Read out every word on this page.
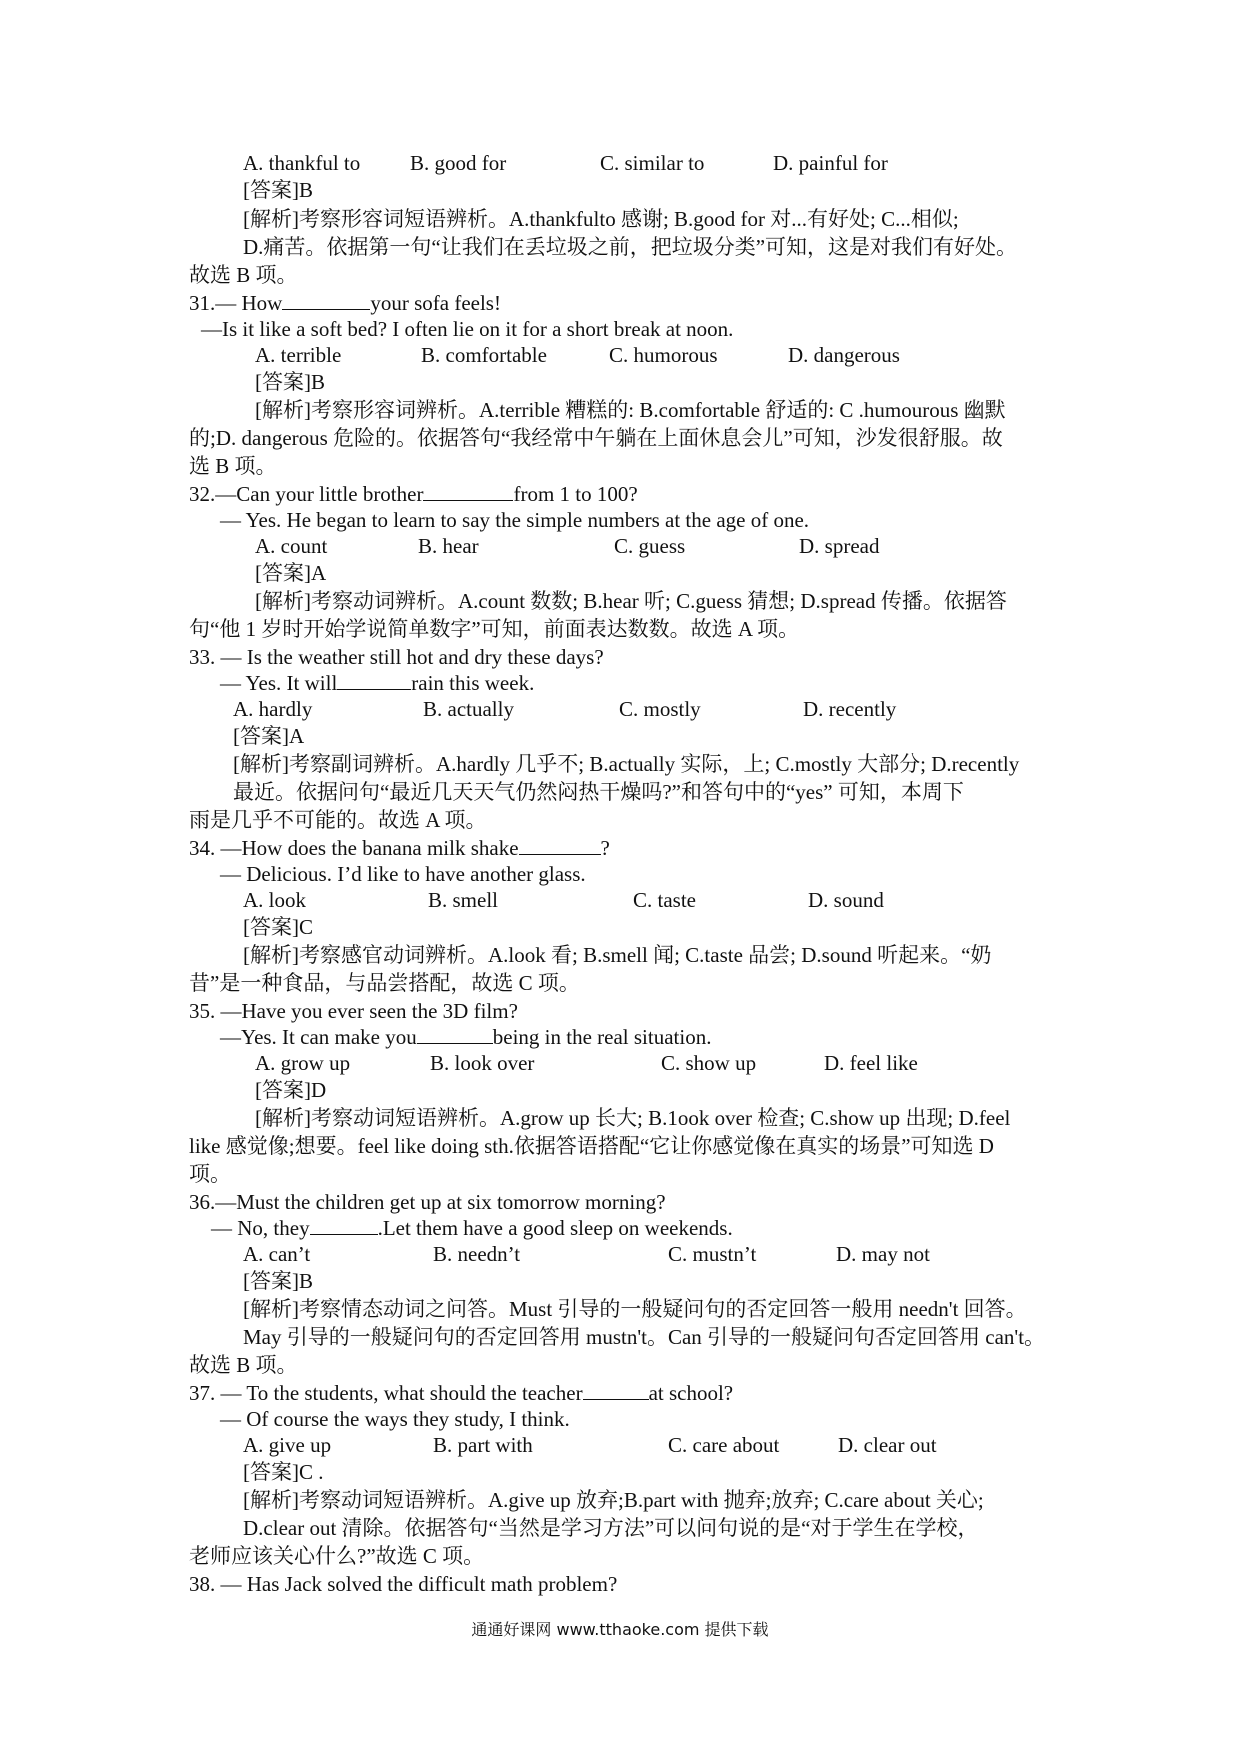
A. thankful to B. good for	C. similar to	D. painful for
[答案]B
[解析]考察形容词短语辨析。A.thankfulto 感谢; B.good for 对...有好处; C...相似;
D.痛苦。依据第一句“让我们在丢垃圾之前，把垃圾分类”可知，这是对我们有好处。
故选 B 项。
31.— How	your sofa feels!
—Is it like a soft bed? I often lie on it for a short break at noon.
A. terrible	B. comfortable	C. humorous	D. dangerous
[答案]B
[解析]考察形容词辨析。A.terrible 糟糕的: B.comfortable 舒适的: C .humourous 幽默
的;D. dangerous 危险的。依据答句“我经常中午躺在上面休息会儿”可知，沙发很舒服。故
选 B 项。
32.—Can your little brother	from 1 to 100?
— Yes. He began to learn to say the simple numbers at the age of one.
A. count	B. hear	C. guess	D. spread
[答案]A
[解析]考察动词辨析。A.count 数数; B.hear 听; C.guess 猜想; D.spread 传播。依据答
句“他 1 岁时开始学说简单数字”可知，前面表达数数。故选 A 项。
33. — Is the weather still hot and dry these days?
— Yes. It will	rain this week.
A. hardly	B. actually	C. mostly	D. recently
[答案]A
[解析]考察副词辨析。A.hardly 几乎不; B.actually 实际，上; C.mostly 大部分; D.recently
最近。依据问句“最近几天天气仍然闷热干燥吗?”和答句中的“yes” 可知，本周下
雨是几乎不可能的。故选 A 项。
34. —How does the banana milk shake	?
— Delicious. I’d like to have another glass.
A. look	B. smell	C. taste	D. sound
[答案]C
[解析]考察感官动词辨析。A.look 看; B.smell 闻; C.taste 品尝; D.sound 听起来。“奶
昔”是一种食品，与品尝搭配，故选 C 项。
35. —Have you ever seen the 3D film?
—Yes. It can make you	being in the real situation.
A. grow up	B. look over	C. show up	D. feel like
[答案]D
[解析]考察动词短语辨析。A.grow up 长大; B.1ook over 检查; C.show up 出现; D.feel
like 感觉像;想要。feel like doing sth.依据答语搭配“它让你感觉像在真实的场景”可知选 D
项。
36.—Must the children get up at six tomorrow morning?
— No, they	.Let them have a good sleep on weekends.
A. can’t	B. needn’t	C. mustn’t	D. may not
[答案]B
[解析]考察情态动词之问答。Must 引导的一般疑问句的否定回答一般用 needn't 回答。
May 引导的一般疑问句的否定回答用 mustn't。Can 引导的一般疑问句否定回答用 can't。
故选 B 项。
37. — To the students, what should the teacher	at school?
— Of course the ways they study, I think.
A. give up	B. part with	C. care about	D. clear out
[答案]C .
[解析]考察动词短语辨析。A.give up 放弃;B.part with 抛弃;放弃; C.care about 关心;
D.clear out 清除。依据答句“当然是学习方法”可以问句说的是“对于学生在学校，
老师应该关心什么?”故选 C 项。
38. — Has Jack solved the difficult math problem?
通通好课网 www.tthaoke.com 提供下载
